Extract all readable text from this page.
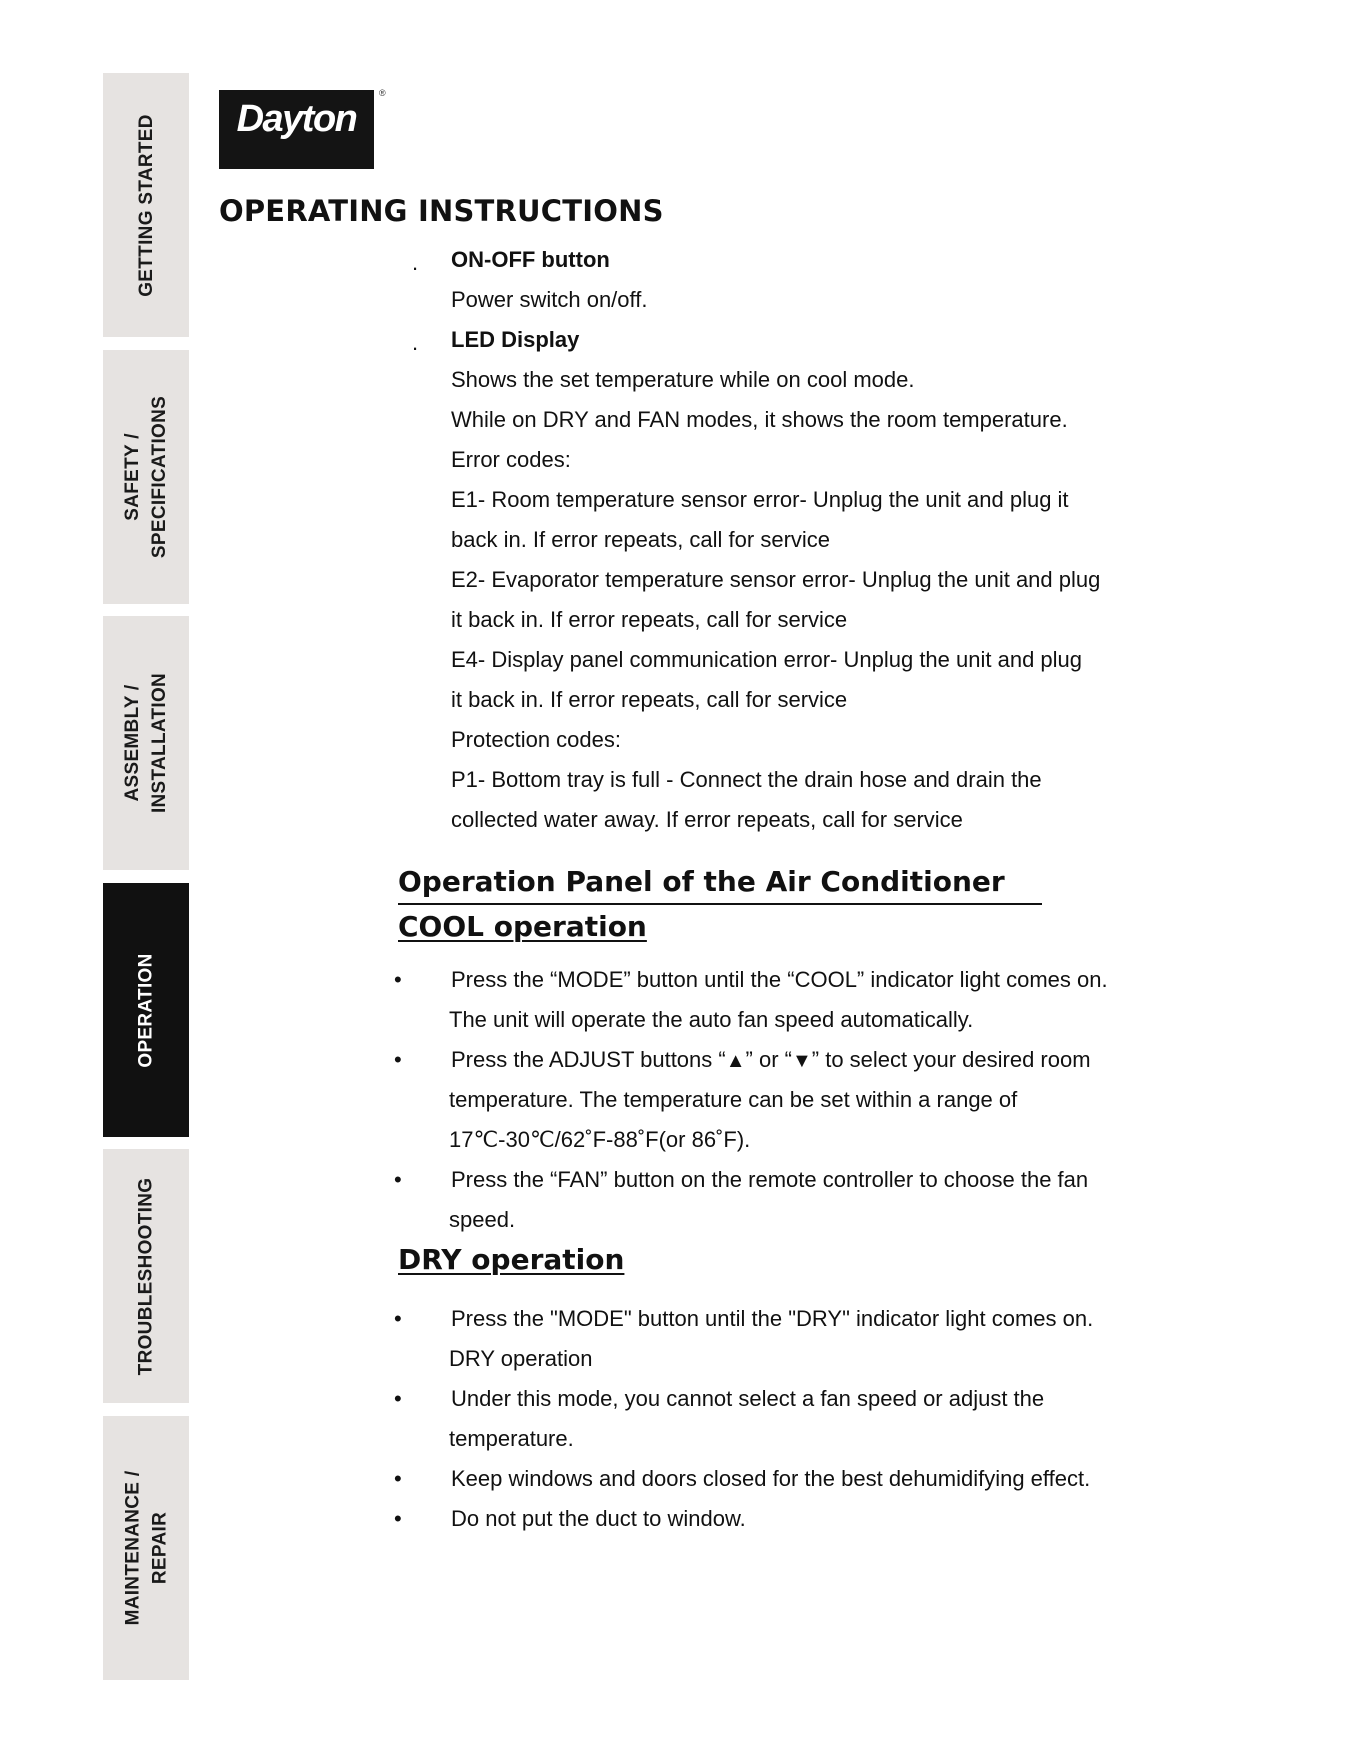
GETTING STARTED
SAFETY / SPECIFICATIONS
ASSEMBLY / INSTALLATION
OPERATION
TROUBLESHOOTING
MAINTENANCE / REPAIR
Dayton
®
OPERATING INSTRUCTIONS
. ON-OFF button
Power switch on/off.
. LED Display
Shows the set temperature while on cool mode.
While on DRY and FAN modes, it shows the room temperature.
Error codes:
E1- Room temperature sensor error- Unplug the unit and plug it
back in. If error repeats, call for service
E2- Evaporator temperature sensor error- Unplug the unit and plug
it back in. If error repeats, call for service
E4- Display panel communication error- Unplug the unit and plug
it back in. If error repeats, call for service
Protection codes:
P1- Bottom tray is full - Connect the drain hose and drain the
collected water away. If error repeats, call for service
Operation Panel of the Air Conditioner
COOL operation
• Press the “MODE” button until the “COOL” indicator light comes on.
The unit will operate the auto fan speed automatically.
• Press the ADJUST buttons “▲” or “▼” to select your desired room
temperature. The temperature can be set within a range of
17℃-30℃/62˚F-88˚F(or 86˚F).
• Press the “FAN” button on the remote controller to choose the fan
speed.
DRY operation
• Press the "MODE" button until the "DRY" indicator light comes on.
DRY operation
• Under this mode, you cannot select a fan speed or adjust the
temperature.
• Keep windows and doors closed for the best dehumidifying effect.
• Do not put the duct to window.
